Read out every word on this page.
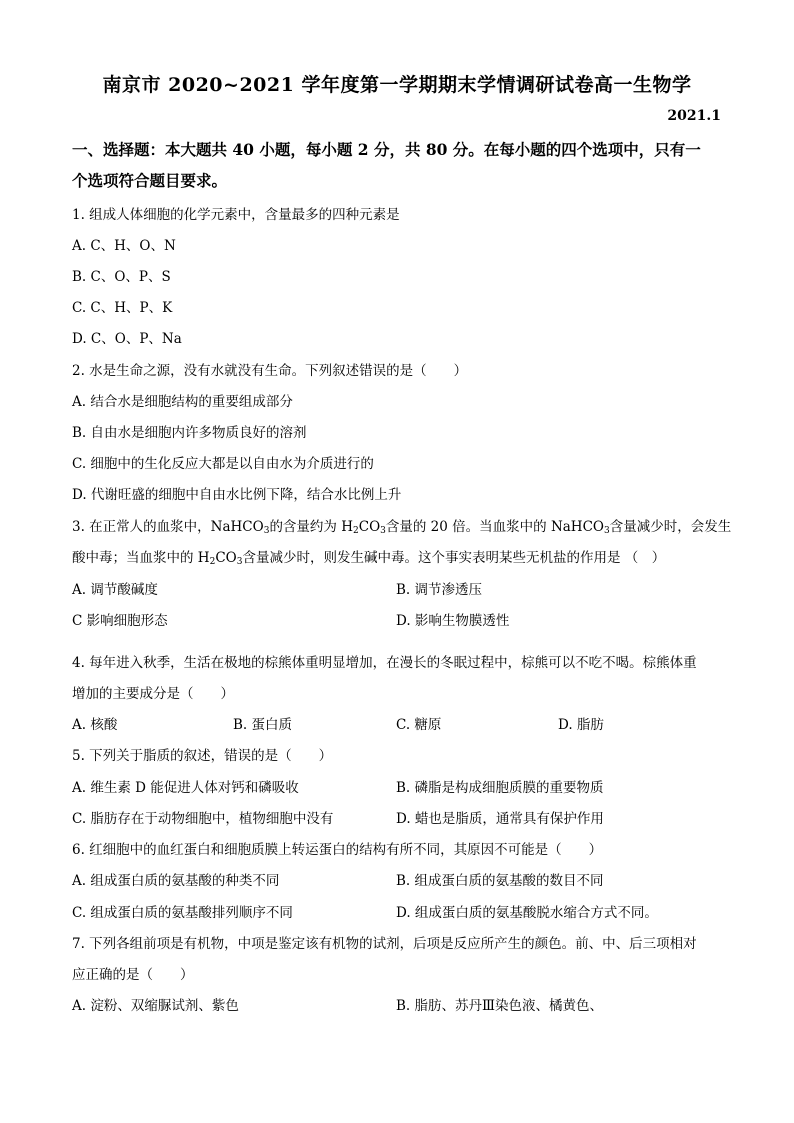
南京市 2020~2021 学年度第一学期期末学情调研试卷高一生物学
2021.1
一、选择题：本大题共 40 小题，每小题 2 分，共 80 分。在每小题的四个选项中，只有一
个选项符合题目要求。
1. 组成人体细胞的化学元素中，含量最多的四种元素是
A. C、H、O、N
B. C、O、P、S
C. C、H、P、K
D. C、O、P、Na
2. 水是生命之源，没有水就没有生命。下列叙述错误的是（　　）
A. 结合水是细胞结构的重要组成部分
B. 自由水是细胞内许多物质良好的溶剂
C. 细胞中的生化反应大都是以自由水为介质进行的
D. 代谢旺盛的细胞中自由水比例下降，结合水比例上升
3. 在正常人的血浆中，NaHCO$_3$的含量约为 $H_2CO_3$含量的 20 倍。当血浆中的 NaHCO$_3$含量减少时，会发生
酸中毒；当血浆中的 $H_2CO_3$含量减少时，则发生碱中毒。这个事实表明某些无机盐的作用是 （　）
A. 调节酸碱度	B. 调节渗透压
C 影响细胞形态	D. 影响生物膜透性
4. 每年进入秋季，生活在极地的棕熊体重明显增加，在漫长的冬眠过程中，棕熊可以不吃不喝。棕熊体重
增加的主要成分是（　　）
A. 核酸	B. 蛋白质	C. 糖原	D. 脂肪
5. 下列关于脂质的叙述，错误的是（　　）
A. 维生素 D 能促进人体对钙和磷吸收	B. 磷脂是构成细胞质膜的重要物质
C. 脂肪存在于动物细胞中，植物细胞中没有	D. 蜡也是脂质，通常具有保护作用
6. 红细胞中的血红蛋白和细胞质膜上转运蛋白的结构有所不同，其原因不可能是（　　）
A. 组成蛋白质的氨基酸的种类不同	B. 组成蛋白质的氨基酸的数目不同
C. 组成蛋白质的氨基酸排列顺序不同	D. 组成蛋白质的氨基酸脱水缩合方式不同。
7. 下列各组前项是有机物，中项是鉴定该有机物的试剂，后项是反应所产生的颜色。前、中、后三项相对
应正确的是（　　）
A. 淀粉、双缩脲试剂、紫色	B. 脂肪、苏丹Ⅲ染色液、橘黄色、
